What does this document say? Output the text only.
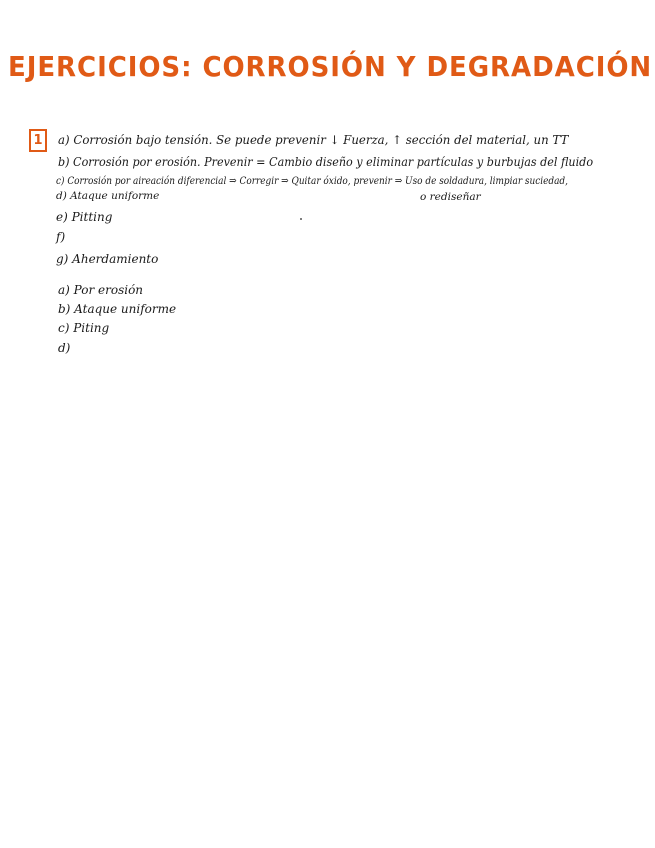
EJERCICIOS: CORROSIÓN Y DEGRADACIÓN
1	a) Corrosión bajo tensión. Se puede prevenir ↓ Fuerza, ↑ sección del material, un TT
b) Corrosión por erosión. Prevenir = Cambio diseño y eliminar partículas y burbujas del fluido
c) Corrosión por aireación diferencial ⇒ Corregir ⇒ Quitar óxido, prevenir ⇒ Uso de soldadura, limpiar suciedad,
o rediseñar
d) Ataque uniforme
e) Pitting
f)
g) Aherdamiento
a) Por erosión
b) Ataque uniforme
c) Piting
d)
